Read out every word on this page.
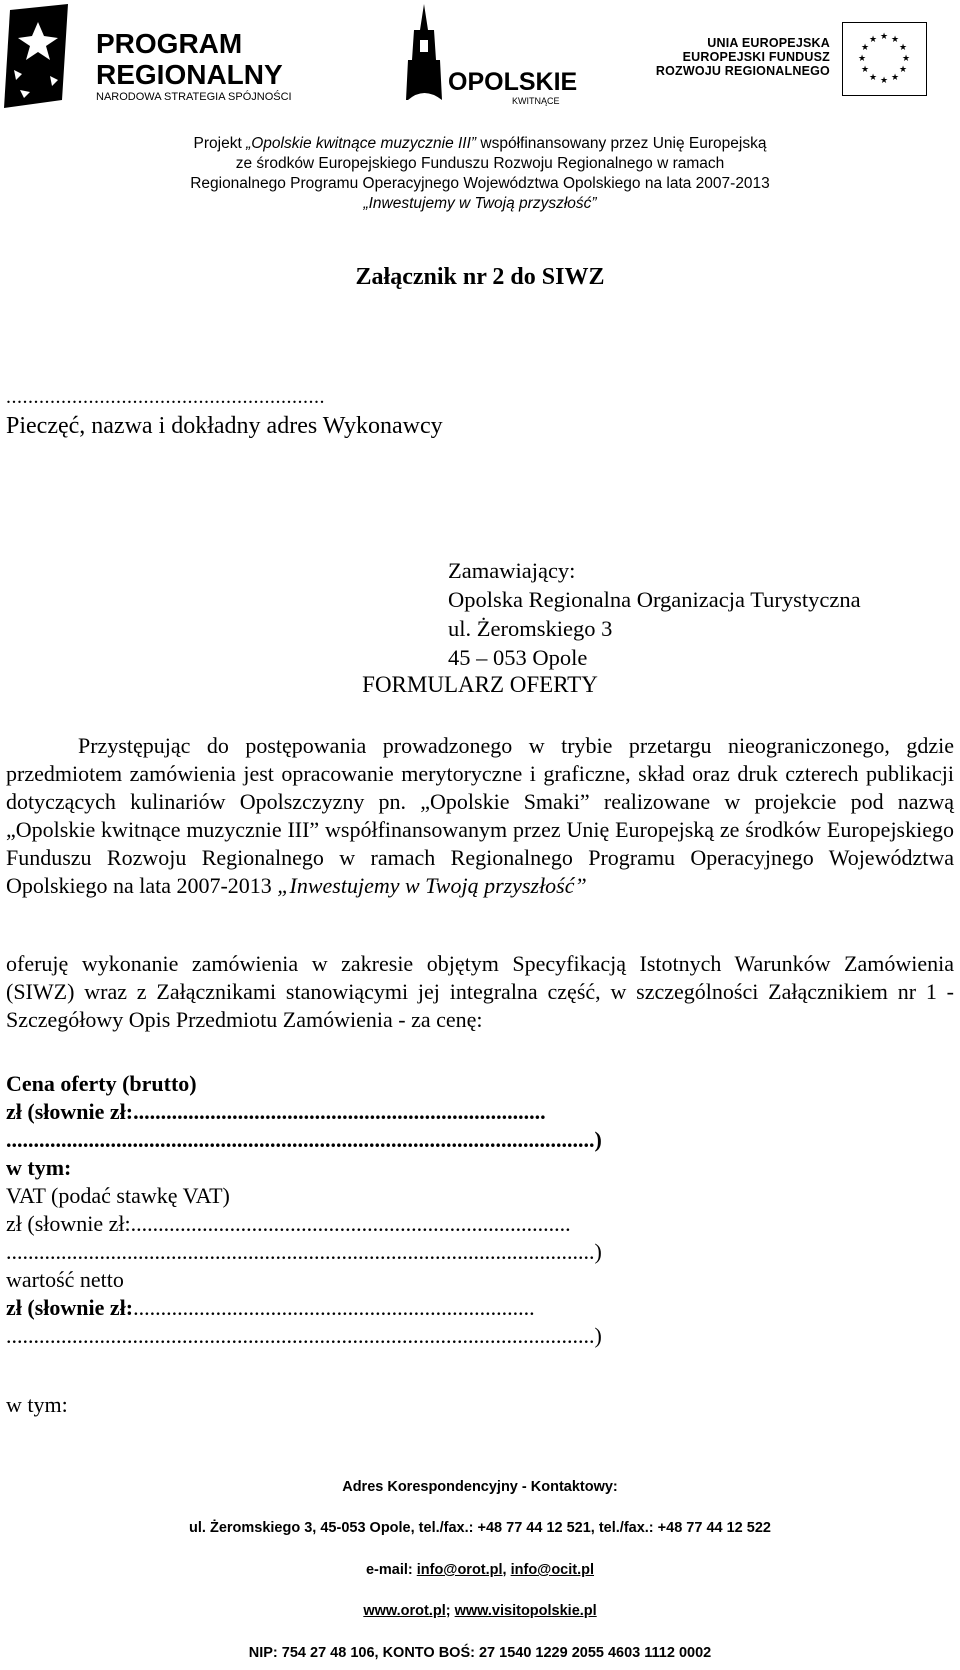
PROGRAM
REGIONALNY
NARODOWA STRATEGIA SPÓJNOŚCI
OPOLSKIE
KWITNĄCE
UNIA EUROPEJSKA
EUROPEJSKI FUNDUSZ
ROZWOJU REGIONALNEGO
★ ★
★
★
★
★
★
★
★
★
★
★
Projekt „Opolskie kwitnące muzycznie III” współfinansowany przez Unię Europejską
ze środków Europejskiego Funduszu Rozwoju Regionalnego w ramach
Regionalnego Programu Operacyjnego Województwa Opolskiego na lata 2007-2013
„Inwestujemy w Twoją przyszłość”
Załącznik nr 2 do SIWZ
..........................................................
Pieczęć, nazwa i dokładny adres Wykonawcy
Zamawiający:
Opolska Regionalna Organizacja Turystyczna
ul. Żeromskiego 3
45 – 053 Opole
FORMULARZ OFERTY
Przystępując do postępowania prowadzonego w trybie przetargu nieograniczonego, gdzie przedmiotem zamówienia jest opracowanie merytoryczne i graficzne, skład oraz druk czterech publikacji dotyczących kulinariów Opolszczyzny pn. „Opolskie Smaki” realizowane w projekcie pod nazwą „Opolskie kwitnące muzycznie III” współfinansowanym przez Unię Europejską ze środków Europejskiego Funduszu Rozwoju Regionalnego w ramach Regionalnego Programu Operacyjnego Województwa Opolskiego na lata 2007-2013 „Inwestujemy w Twoją przyszłość”
oferuję wykonanie zamówienia w zakresie objętym Specyfikacją Istotnych Warunków Zamówienia (SIWZ) wraz z Załącznikami stanowiącymi jej integralna część, w szczególności Załącznikiem nr 1 - Szczegółowy Opis Przedmiotu Zamówienia - za cenę:
Cena oferty (brutto)
zł (słownie zł:...........................................................................
...........................................................................................................)
w tym:
VAT (podać stawkę VAT)
zł (słownie zł:................................................................................
...........................................................................................................)
wartość netto
zł (słownie zł:.........................................................................
...........................................................................................................)
w tym:
Adres Korespondencyjny - Kontaktowy:
ul. Żeromskiego 3, 45-053 Opole, tel./fax.: +48 77 44 12 521, tel./fax.: +48 77 44 12 522
e-mail: info@orot.pl, info@ocit.pl
www.orot.pl; www.visitopolskie.pl
NIP: 754 27 48 106, KONTO BOŚ: 27 1540 1229 2055 4603 1112 0002
